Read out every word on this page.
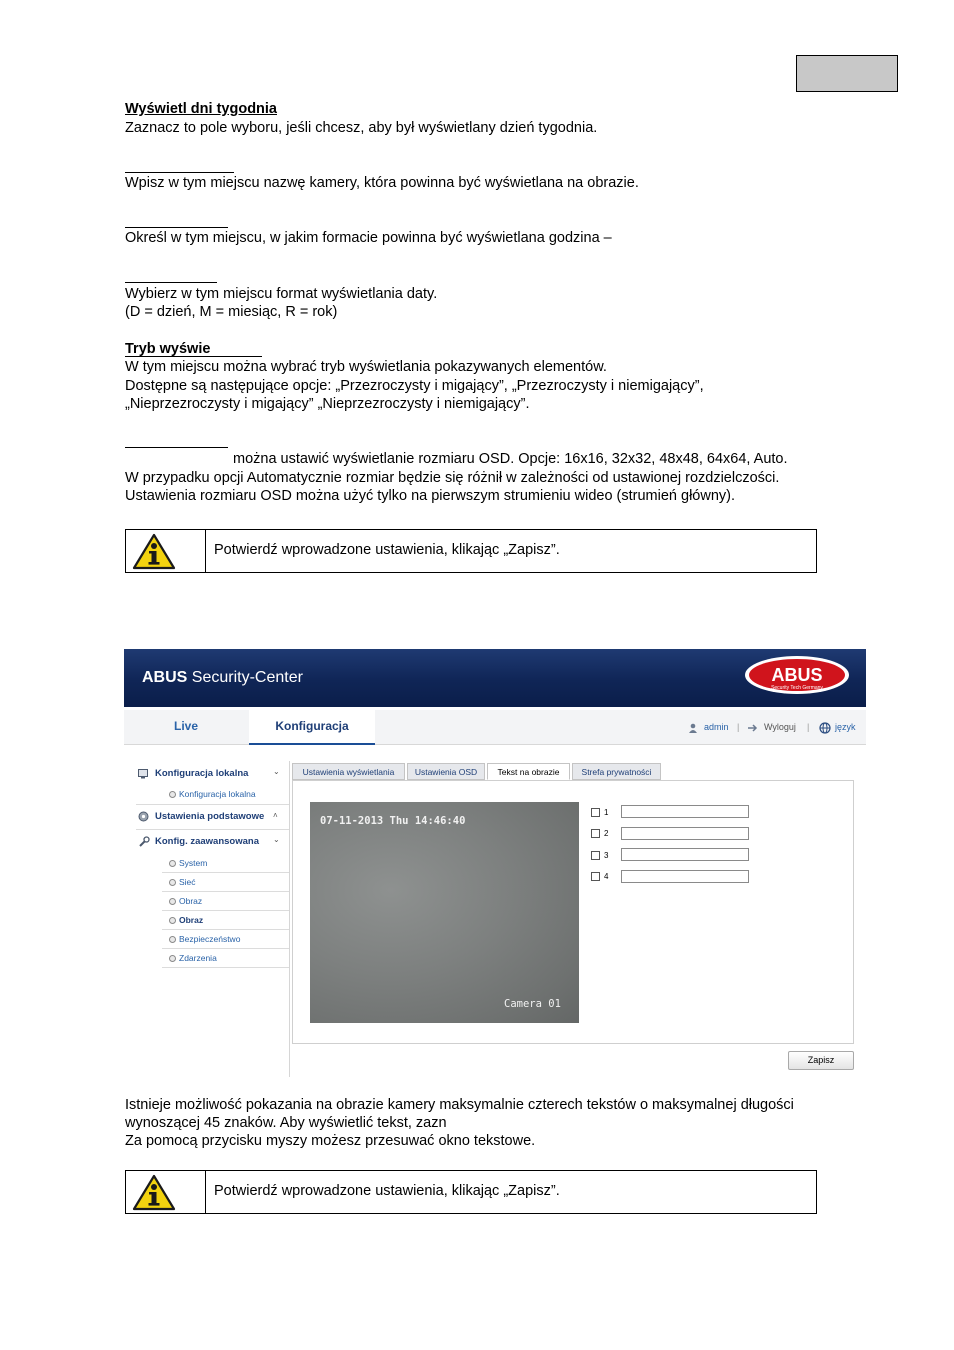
Wyświetl dni tygodnia
Zaznacz to pole wyboru, jeśli chcesz, aby był wyświetlany dzień tygodnia.
Wpisz w tym miejscu nazwę kamery, która powinna być wyświetlana na obrazie.
Określ w tym miejscu, w jakim formacie powinna być wyświetlana godzina –
Wybierz w tym miejscu format wyświetlania daty.
(D = dzień, M = miesiąc, R = rok)
Tryb wyświe
W tym miejscu można wybrać tryb wyświetlania pokazywanych elementów.
Dostępne są następujące opcje: „Przezroczysty i migający”, „Przezroczysty i niemigający”,
„Nieprzezroczysty i migający” „Nieprzezroczysty i niemigający”.
można ustawić wyświetlanie rozmiaru OSD. Opcje: 16x16, 32x32, 48x48, 64x64, Auto.
W przypadku opcji Automatycznie rozmiar będzie się różnił w zależności od ustawionej rozdzielczości.
Ustawienia rozmiaru OSD można użyć tylko na pierwszym strumieniu wideo (strumień główny).
Potwierdź wprowadzone ustawienia, klikając „Zapisz”.
ABUS Security-Center	ABUS
Security Tech Germany
Live	Konfiguracja	admin |	Wyloguj |	język
Konfiguracja lokalna	⌄
Konfiguracja lokalna
Ustawienia podstawowe ˄
Konfig. zaawansowana ⌄
System
Sieć
Obraz
Obraz
Bezpieczeństwo
Zdarzenia
Ustawienia wyświetlania	Ustawienia OSD	Tekst na obrazie	Strefa prywatności
07-11-2013 Thu 14:46:40
Camera 01
1
2
3
4
Zapisz
Istnieje możliwość pokazania na obrazie kamery maksymalnie czterech tekstów o maksymalnej długości
wynoszącej 45 znaków. Aby wyświetlić tekst, zazn
Za pomocą przycisku myszy możesz przesuwać okno tekstowe.
Potwierdź wprowadzone ustawienia, klikając „Zapisz”.
